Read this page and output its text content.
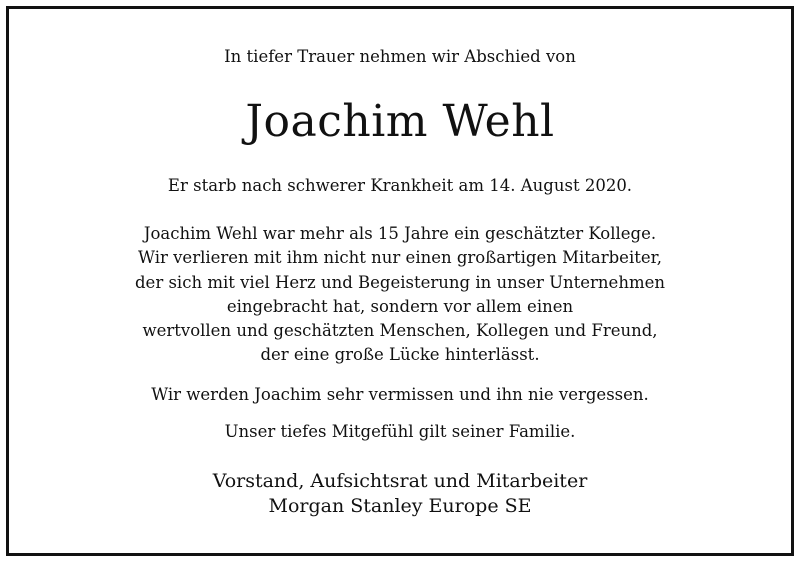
In tiefer Trauer nehmen wir Abschied von
Joachim Wehl
Er starb nach schwerer Krankheit am 14. August 2020.
Joachim Wehl war mehr als 15 Jahre ein geschätzter Kollege.
Wir verlieren mit ihm nicht nur einen großartigen Mitarbeiter,
der sich mit viel Herz und Begeisterung in unser Unternehmen
eingebracht hat, sondern vor allem einen
wertvollen und geschätzten Menschen, Kollegen und Freund,
der eine große Lücke hinterlässt.
Wir werden Joachim sehr vermissen und ihn nie vergessen.
Unser tiefes Mitgefühl gilt seiner Familie.
Vorstand, Aufsichtsrat und Mitarbeiter
Morgan Stanley Europe SE
